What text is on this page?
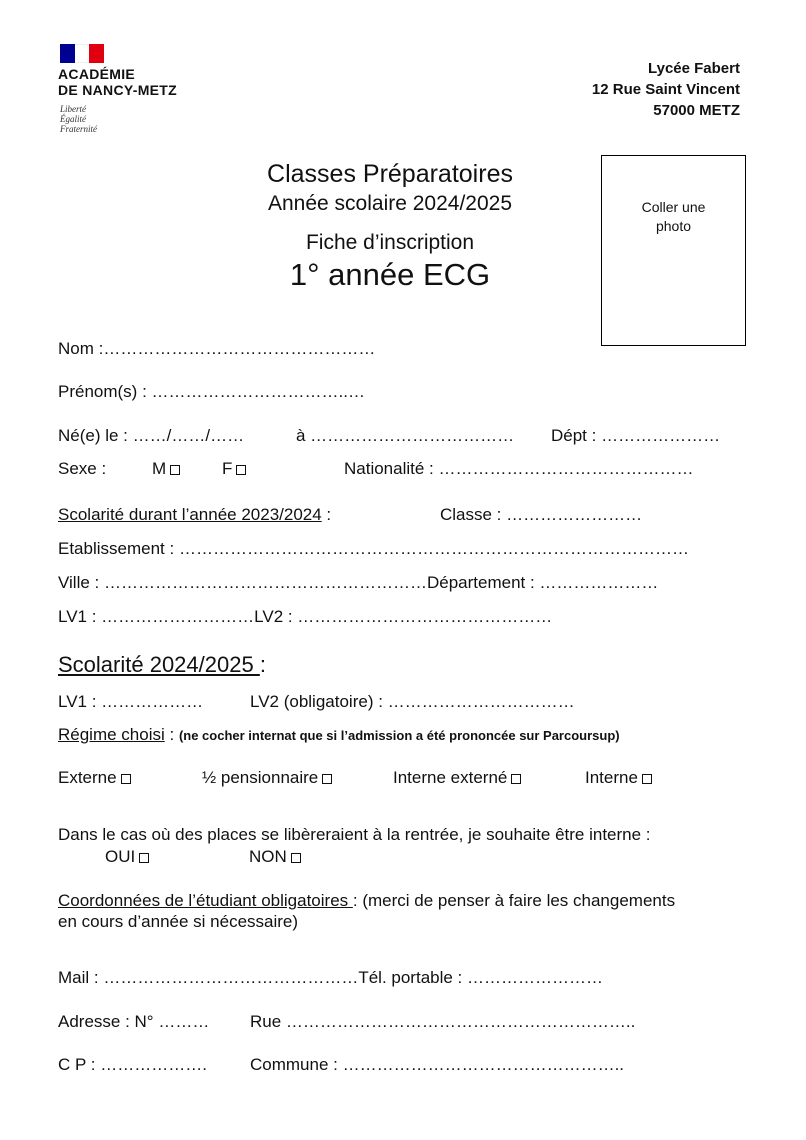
ACADÉMIE
DE NANCY-METZ
Liberté
Égalité
Fraternité
Lycée Fabert
12 Rue Saint Vincent
57000 METZ
Classes Préparatoires
Année scolaire 2024/2025
Fiche d’inscription
1° année ECG
Coller une
photo
Nom :…………………………………………
Prénom(s) : ……………………………..…
Né(e) le : ……/……/……	à ……………………………… Dépt : …………………
Sexe :	M	F	Nationalité : ………………………………………
Scolarité durant l’année 2023/2024 :	Classe : ……………………
Etablissement : ………………………………………………………………………………
Ville : …………………………………………………Département : …………………
LV1 : ………………………LV2 : ………………………………………
Scolarité 2024/2025 :
LV1 : ………………	LV2 (obligatoire) : ……………………………
Régime choisi : (ne cocher internat que si l’admission a été prononcée sur Parcoursup)
Externe	½ pensionnaire	Interne externé	Interne
Dans le cas où des places se libèreraient à la rentrée, je souhaite être interne :
OUI	NON
Coordonnées de l’étudiant obligatoires : (merci de penser à faire les changements
en cours d’année si nécessaire)
Mail : ………………………………………Tél. portable : ……………………
Adresse : N° ……… Rue ……………………………………………………..
C P : ……………….	Commune : …………………………………………..
